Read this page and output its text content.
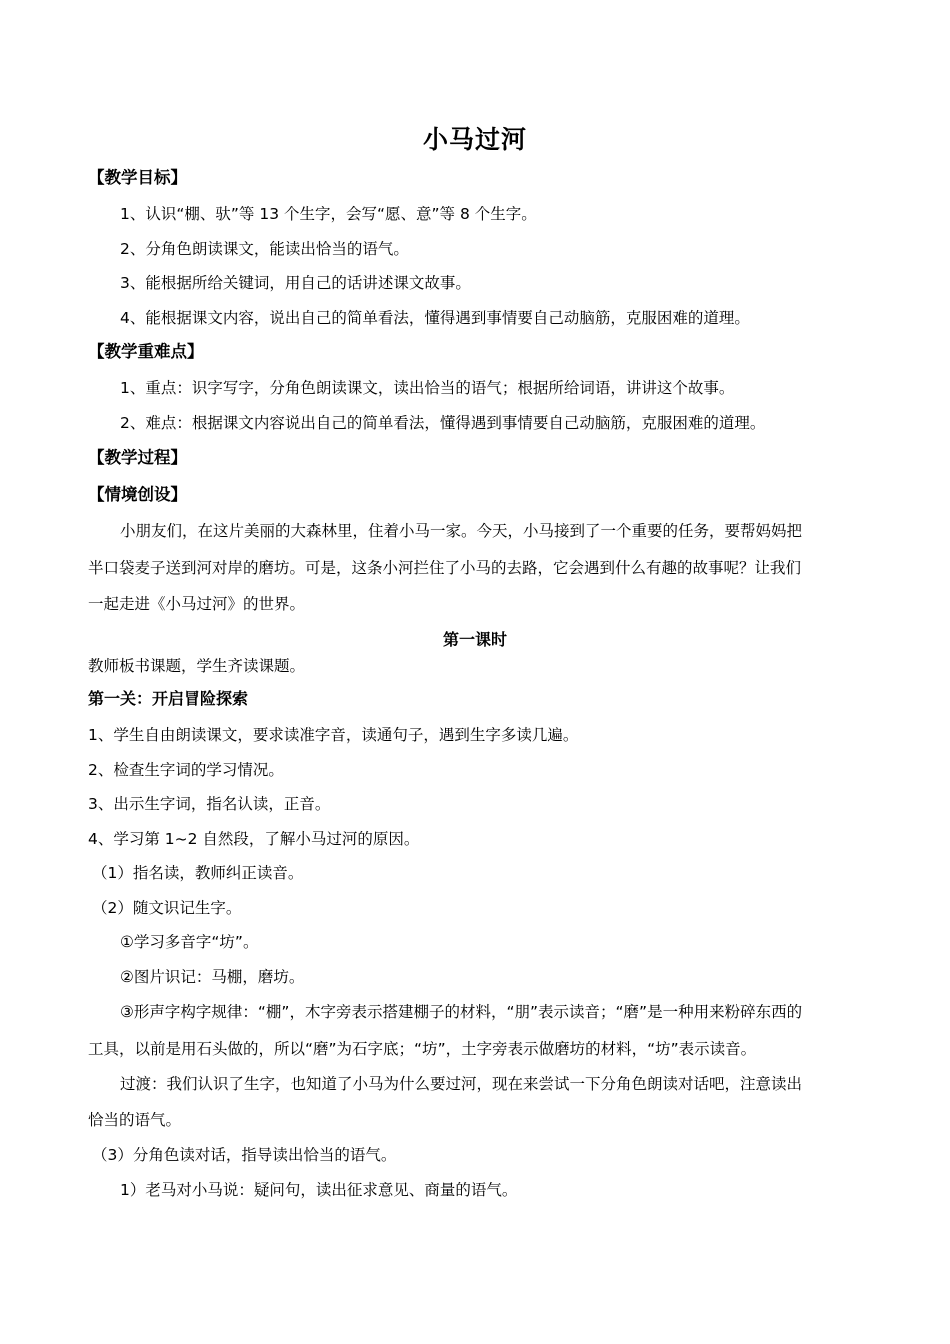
小马过河
【教学目标】
1、认识“棚、驮”等 13 个生字，会写“愿、意”等 8 个生字。
2、分角色朗读课文，能读出恰当的语气。
3、能根据所给关键词，用自己的话讲述课文故事。
4、能根据课文内容，说出自己的简单看法，懂得遇到事情要自己动脑筋，克服困难的道理。
【教学重难点】
1、重点：识字写字，分角色朗读课文，读出恰当的语气；根据所给词语，讲讲这个故事。
2、难点：根据课文内容说出自己的简单看法，懂得遇到事情要自己动脑筋，克服困难的道理。
【教学过程】
【情境创设】
小朋友们，在这片美丽的大森林里，住着小马一家。今天，小马接到了一个重要的任务，要帮妈妈把
半口袋麦子送到河对岸的磨坊。可是，这条小河拦住了小马的去路，它会遇到什么有趣的故事呢？让我们
一起走进《小马过河》的世界。
第一课时
教师板书课题，学生齐读课题。
第一关：开启冒险探索
1、学生自由朗读课文，要求读准字音，读通句子，遇到生字多读几遍。
2、检查生字词的学习情况。
3、出示生字词，指名认读，正音。
4、学习第 1~2 自然段，了解小马过河的原因。
（1）指名读，教师纠正读音。
（2）随文识记生字。
①学习多音字“坊”。
②图片识记：马棚，磨坊。
③形声字构字规律：“棚”，木字旁表示搭建棚子的材料，“朋”表示读音；“磨”是一种用来粉碎东西的
工具，以前是用石头做的，所以“磨”为石字底；“坊”，土字旁表示做磨坊的材料，“坊”表示读音。
过渡：我们认识了生字，也知道了小马为什么要过河，现在来尝试一下分角色朗读对话吧，注意读出
恰当的语气。
（3）分角色读对话，指导读出恰当的语气。
1）老马对小马说：疑问句，读出征求意见、商量的语气。
